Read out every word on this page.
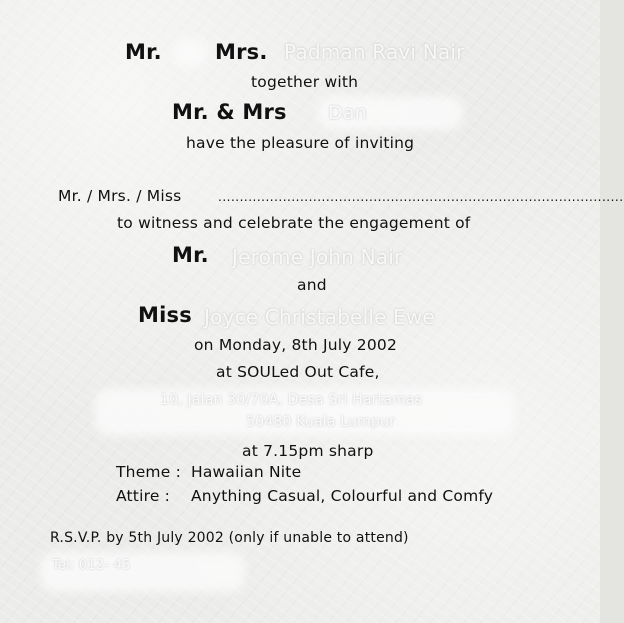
Mr.	Mrs. Padman Ravi Nair
together with
Mr. & Mrs Dan
have the pleasure of inviting
Mr. / Mrs. / Miss	..............................................................................................
to witness and celebrate the engagement of
Mr. Jerome John Nair
and
Miss Joyce Christabelle Ewe
on Monday, 8th July 2002
at SOULed Out Cafe,
10, Jalan 30/70A, Desa Sri Hartamas
50480 Kuala Lumpur
at 7.15pm sharp
Theme : Hawaiian Nite
Attire : Anything Casual, Colourful and Comfy
R.S.V.P. by 5th July 2002 (only if unable to attend)
Tel: 012- 45
